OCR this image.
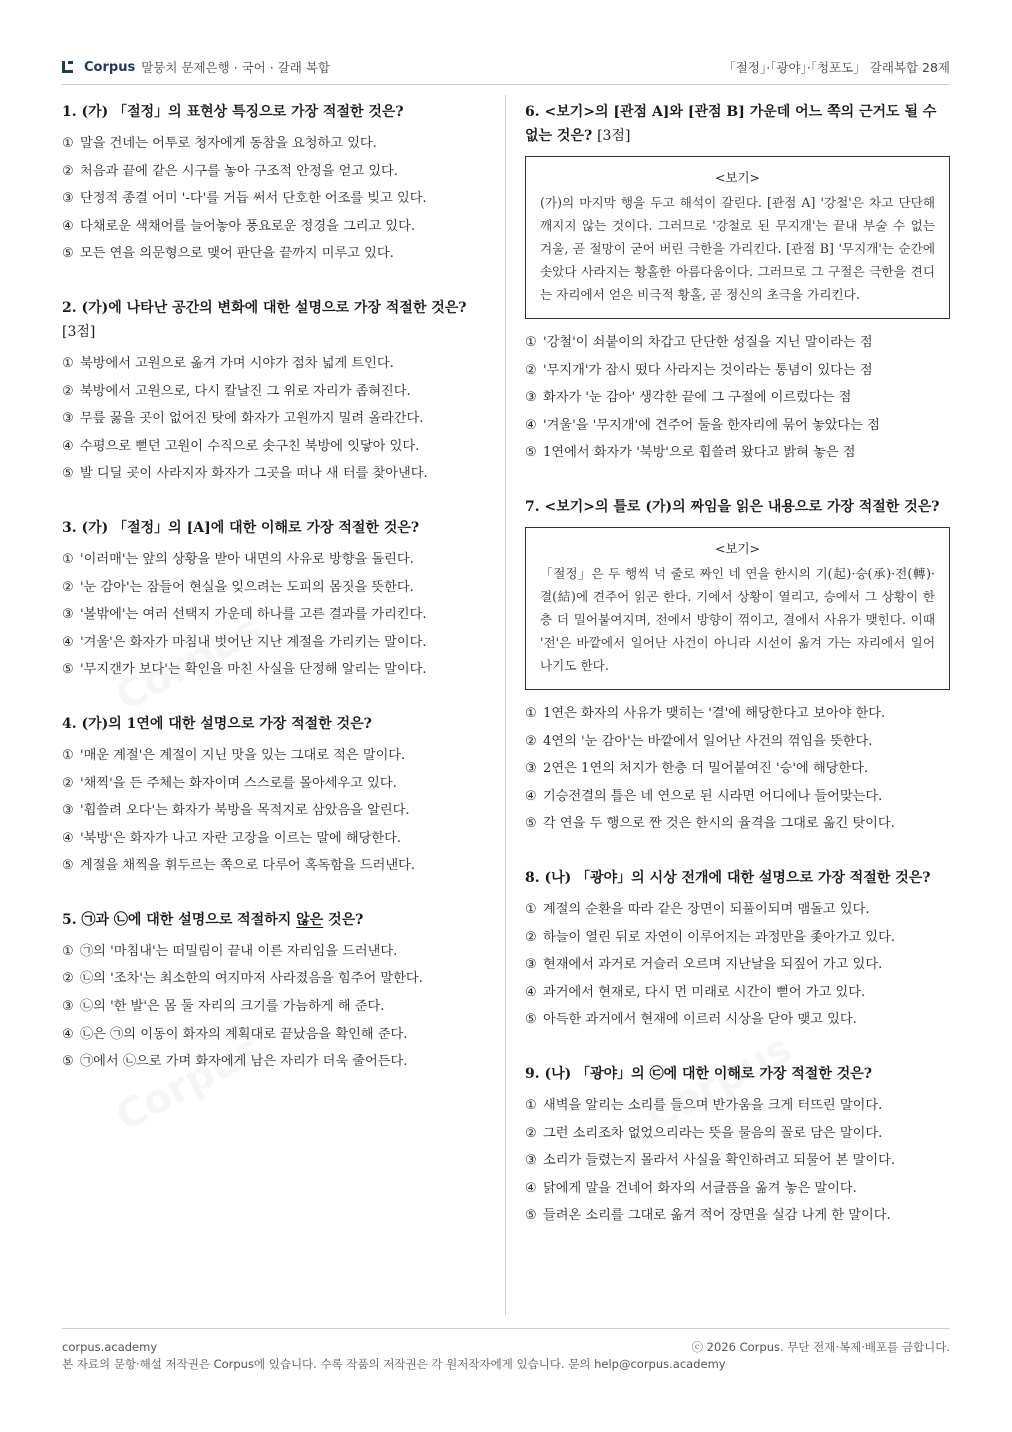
Corpus 말뭉치 문제은행 · 국어 · 갈래 복합	「절정」·「광야」·「청포도」 갈래복합 28제
1. (가) 「절정」의 표현상 특징으로 가장 적절한 것은?
① 말을 건네는 어투로 청자에게 동참을 요청하고 있다.
② 처음과 끝에 같은 시구를 놓아 구조적 안정을 얻고 있다.
③ 단정적 종결 어미 '-다'를 거듭 써서 단호한 어조를 빚고 있다.
④ 다채로운 색채어를 늘어놓아 풍요로운 정경을 그리고 있다.
⑤ 모든 연을 의문형으로 맺어 판단을 끝까지 미루고 있다.
2. (가)에 나타난 공간의 변화에 대한 설명으로 가장 적절한 것은?
[3점]
① 북방에서 고원으로 옮겨 가며 시야가 점차 넓게 트인다.
② 북방에서 고원으로, 다시 칼날진 그 위로 자리가 좁혀진다.
③ 무릎 꿇을 곳이 없어진 탓에 화자가 고원까지 밀려 올라간다.
④ 수평으로 뻗던 고원이 수직으로 솟구친 북방에 잇닿아 있다.
⑤ 발 디딜 곳이 사라지자 화자가 그곳을 떠나 새 터를 찾아낸다.
3. (가) 「절정」의 [A]에 대한 이해로 가장 적절한 것은?
① '이러매'는 앞의 상황을 받아 내면의 사유로 방향을 돌린다.
② '눈 감아'는 잠들어 현실을 잊으려는 도피의 몸짓을 뜻한다.
③ '볼밖에'는 여러 선택지 가운데 하나를 고른 결과를 가리킨다.
④ '겨울'은 화자가 마침내 벗어난 지난 계절을 가리키는 말이다.
⑤ '무지갠가 보다'는 확인을 마친 사실을 단정해 알리는 말이다.
4. (가)의 1연에 대한 설명으로 가장 적절한 것은?
① '매운 계절'은 계절이 지닌 맛을 있는 그대로 적은 말이다.
② '채찍'을 든 주체는 화자이며 스스로를 몰아세우고 있다.
③ '휩쓸려 오다'는 화자가 북방을 목적지로 삼았음을 알린다.
④ '북방'은 화자가 나고 자란 고장을 이르는 말에 해당한다.
⑤ 계절을 채찍을 휘두르는 쪽으로 다루어 혹독함을 드러낸다.
5. ㉠과 ㉡에 대한 설명으로 적절하지 않은 것은?
① ㉠의 '마침내'는 떠밀림이 끝내 이른 자리임을 드러낸다.
② ㉡의 '조차'는 최소한의 여지마저 사라졌음을 힘주어 말한다.
③ ㉡의 '한 발'은 몸 둘 자리의 크기를 가늠하게 해 준다.
④ ㉡은 ㉠의 이동이 화자의 계획대로 끝났음을 확인해 준다.
⑤ ㉠에서 ㉡으로 가며 화자에게 남은 자리가 더욱 줄어든다.
6. <보기>의 [관점 A]와 [관점 B] 가운데 어느 쪽의 근거도 될 수 없는 것은? [3점]
<보기>
(가)의 마지막 행을 두고 해석이 갈린다. [관점 A] '강철'은 차고 단단해 깨지지 않는 것이다. 그러므로 '강철로 된 무지개'는 끝내 부술 수 없는 겨울, 곧 절망이 굳어 버린 극한을 가리킨다. [관점 B] '무지개'는 순간에 솟았다 사라지는 황홀한 아름다움이다. 그러므로 그 구절은 극한을 견디는 자리에서 얻은 비극적 황홀, 곧 정신의 초극을 가리킨다.
① '강철'이 쇠붙이의 차갑고 단단한 성질을 지닌 말이라는 점
② '무지개'가 잠시 떴다 사라지는 것이라는 통념이 있다는 점
③ 화자가 '눈 감아' 생각한 끝에 그 구절에 이르렀다는 점
④ '겨울'을 '무지개'에 견주어 둘을 한자리에 묶어 놓았다는 점
⑤ 1연에서 화자가 '북방'으로 휩쓸려 왔다고 밝혀 놓은 점
7. <보기>의 틀로 (가)의 짜임을 읽은 내용으로 가장 적절한 것은?
<보기>
「절정」은 두 행씩 넉 줄로 짜인 네 연을 한시의 기(起)·승(承)·전(轉)·결(結)에 견주어 읽곤 한다. 기에서 상황이 열리고, 승에서 그 상황이 한층 더 밀어붙여지며, 전에서 방향이 꺾이고, 결에서 사유가 맺힌다. 이때 '전'은 바깥에서 일어난 사건이 아니라 시선이 옮겨 가는 자리에서 일어나기도 한다.
① 1연은 화자의 사유가 맺히는 '결'에 해당한다고 보아야 한다.
② 4연의 '눈 감아'는 바깥에서 일어난 사건의 꺾임을 뜻한다.
③ 2연은 1연의 처지가 한층 더 밀어붙여진 '승'에 해당한다.
④ 기승전결의 틀은 네 연으로 된 시라면 어디에나 들어맞는다.
⑤ 각 연을 두 행으로 짠 것은 한시의 율격을 그대로 옮긴 탓이다.
8. (나) 「광야」의 시상 전개에 대한 설명으로 가장 적절한 것은?
① 계절의 순환을 따라 같은 장면이 되풀이되며 맴돌고 있다.
② 하늘이 열린 뒤로 자연이 이루어지는 과정만을 좇아가고 있다.
③ 현재에서 과거로 거슬러 오르며 지난날을 되짚어 가고 있다.
④ 과거에서 현재로, 다시 먼 미래로 시간이 뻗어 가고 있다.
⑤ 아득한 과거에서 현재에 이르러 시상을 닫아 맺고 있다.
9. (나) 「광야」의 ㉢에 대한 이해로 가장 적절한 것은?
① 새벽을 알리는 소리를 들으며 반가움을 크게 터뜨린 말이다.
② 그런 소리조차 없었으리라는 뜻을 물음의 꼴로 담은 말이다.
③ 소리가 들렸는지 몰라서 사실을 확인하려고 되물어 본 말이다.
④ 닭에게 말을 건네어 화자의 서글픔을 옮겨 놓은 말이다.
⑤ 들려온 소리를 그대로 옮겨 적어 장면을 실감 나게 한 말이다.
corpus.academy	ⓒ 2026 Corpus. 무단 전재·복제·배포를 금합니다.
본 자료의 문항·해설 저작권은 Corpus에 있습니다. 수록 작품의 저작권은 각 원저작자에게 있습니다. 문의 help@corpus.academy
